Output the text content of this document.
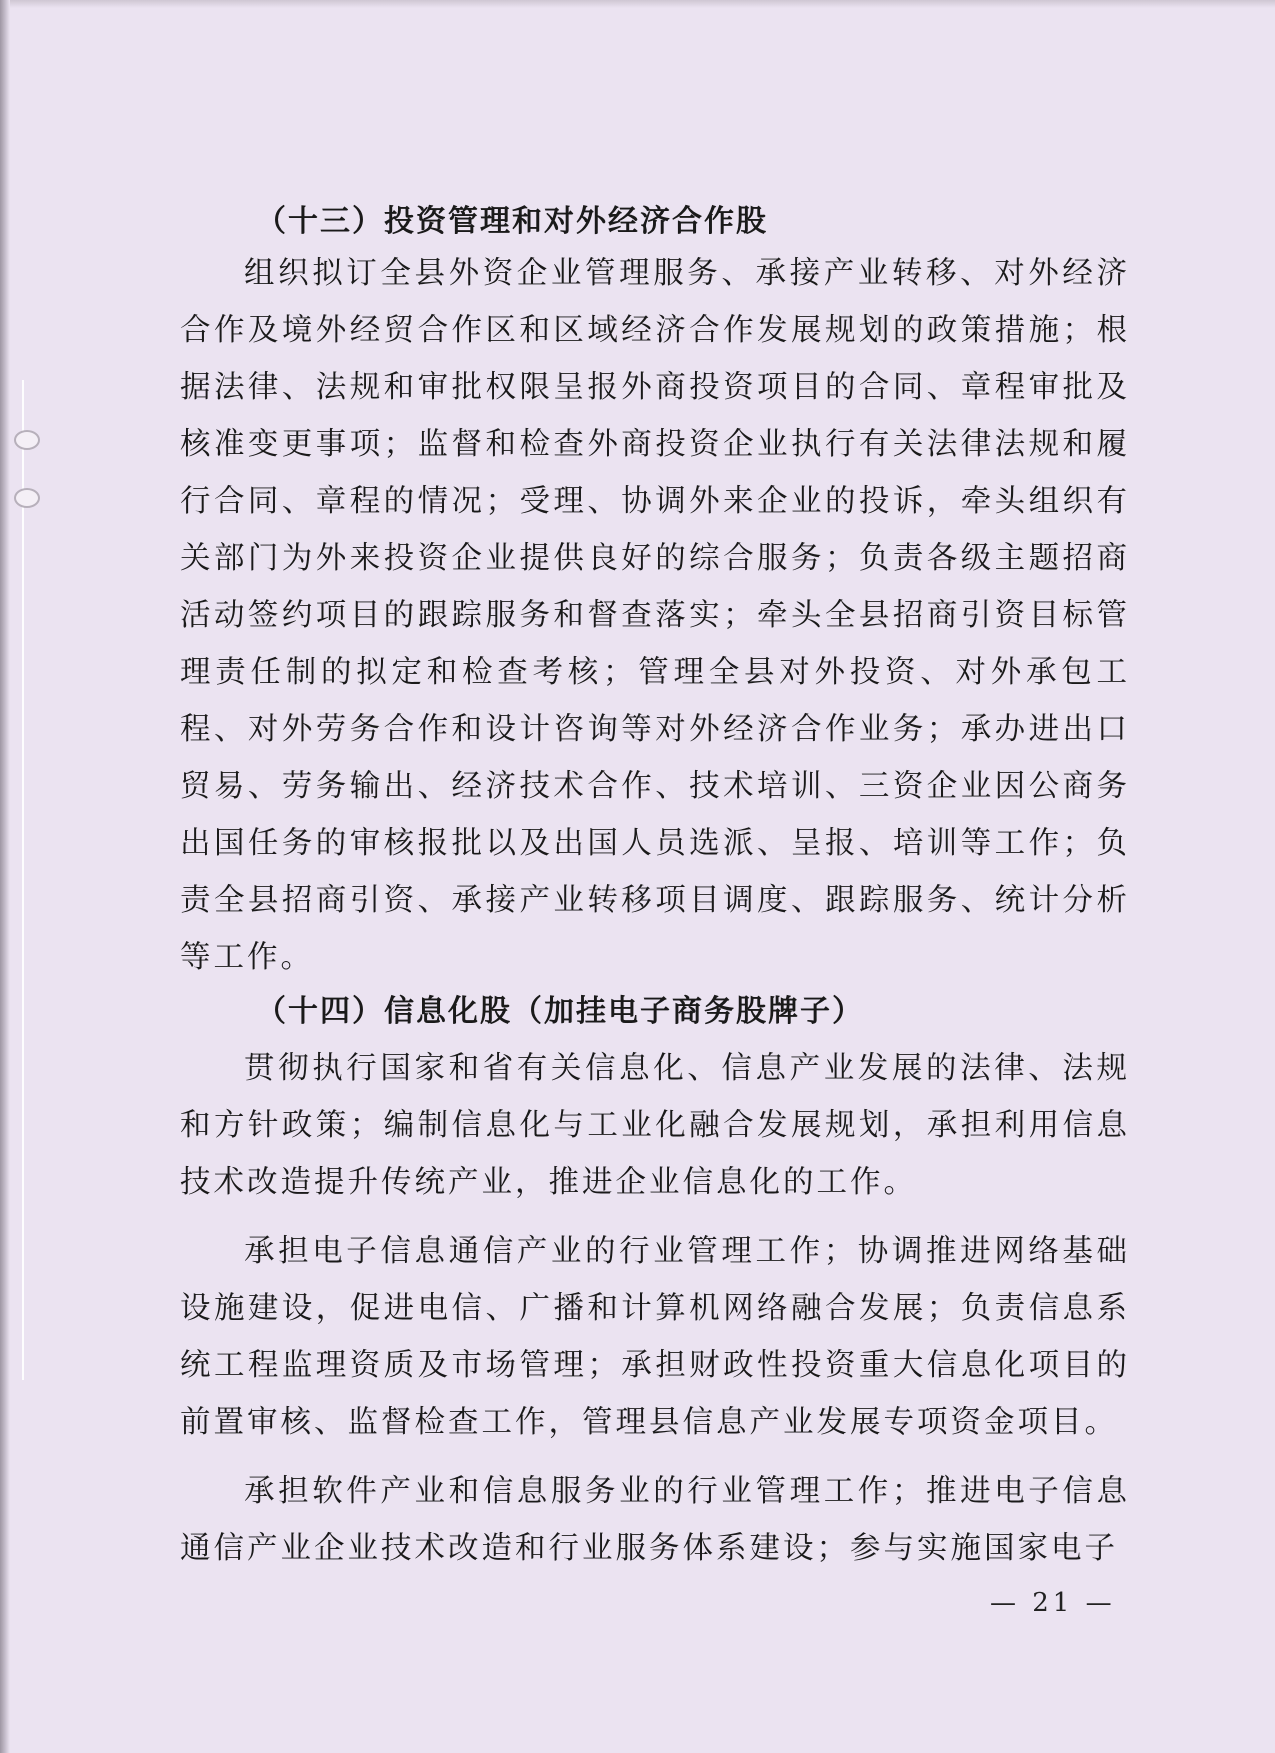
（十三）投资管理和对外经济合作股

组织拟订全县外资企业管理服务、承接产业转移、对外经济合作及境外经贸合作区和区域经济合作发展规划的政策措施；根据法律、法规和审批权限呈报外商投资项目的合同、章程审批及核准变更事项；监督和检查外商投资企业执行有关法律法规和履行合同、章程的情况；受理、协调外来企业的投诉，牵头组织有关部门为外来投资企业提供良好的综合服务；负责各级主题招商活动签约项目的跟踪服务和督查落实；牵头全县招商引资目标管理责任制的拟定和检查考核；管理全县对外投资、对外承包工程、对外劳务合作和设计咨询等对外经济合作业务；承办进出口贸易、劳务输出、经济技术合作、技术培训、三资企业因公商务出国任务的审核报批以及出国人员选派、呈报、培训等工作；负责全县招商引资、承接产业转移项目调度、跟踪服务、统计分析等工作。

（十四）信息化股（加挂电子商务股牌子）

贯彻执行国家和省有关信息化、信息产业发展的法律、法规和方针政策；编制信息化与工业化融合发展规划，承担利用信息技术改造提升传统产业，推进企业信息化的工作。

承担电子信息通信产业的行业管理工作；协调推进网络基础设施建设，促进电信、广播和计算机网络融合发展；负责信息系统工程监理资质及市场管理；承担财政性投资重大信息化项目的前置审核、监督检查工作，管理县信息产业发展专项资金项目。

承担软件产业和信息服务业的行业管理工作；推进电子信息通信产业企业技术改造和行业服务体系建设；参与实施国家电子

— 21 —
